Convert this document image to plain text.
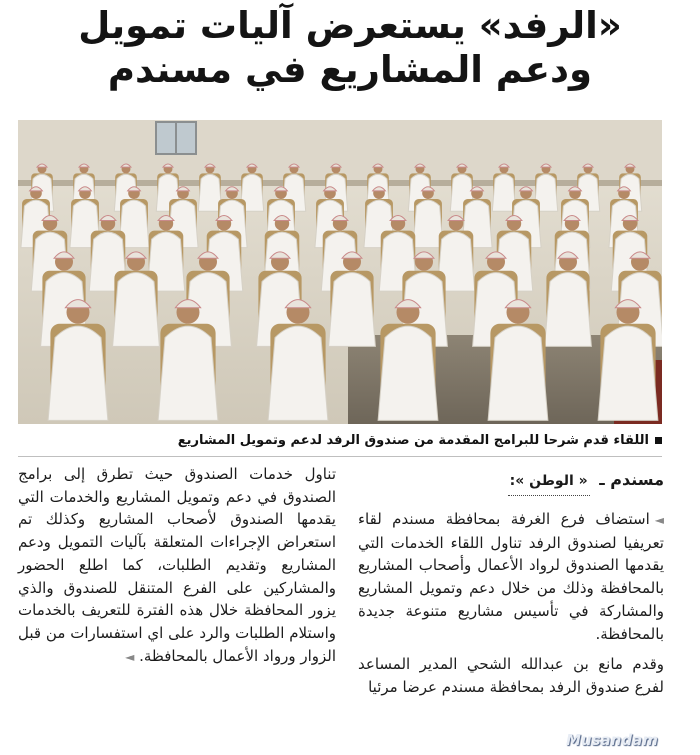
«الرفد» يستعرض آليات تمويل
ودعم المشاريع في مسندم
اللقاء قدم شرحا للبرامج المقدمة من صندوق الرفد لدعم وتمويل المشاريع
مسندم ـ « الوطن »:

◄استضاف فرع الغرفة بمحافظة مسندم لقاء تعريفيا لصندوق الرفد تناول اللقاء الخدمات التي يقدمها الصندوق لرواد الأعمال وأصحاب المشاريع بالمحافظة وذلك من خلال دعم وتمويل المشاريع والمشاركة في تأسيس مشاريع متنوعة جديدة بالمحافظة.

وقدم مانع بن عبدالله الشحي المدير المساعد لفرع صندوق الرفد بمحافظة مسندم عرضا مرئيا

تناول خدمات الصندوق حيث تطرق إلى برامج الصندوق في دعم وتمويل المشاريع والخدمات التي يقدمها الصندوق لأصحاب المشاريع وكذلك تم استعراض الإجراءات المتعلقة بآليات التمويل ودعم المشاريع وتقديم الطلبات، كما اطلع الحضور والمشاركين على الفرع المتنقل للصندوق والذي يزور المحافظة خلال هذه الفترة للتعريف بالخدمات واستلام الطلبات والرد على اي استفسارات من قبل الزوار ورواد الأعمال بالمحافظة. ◄

Musandam
